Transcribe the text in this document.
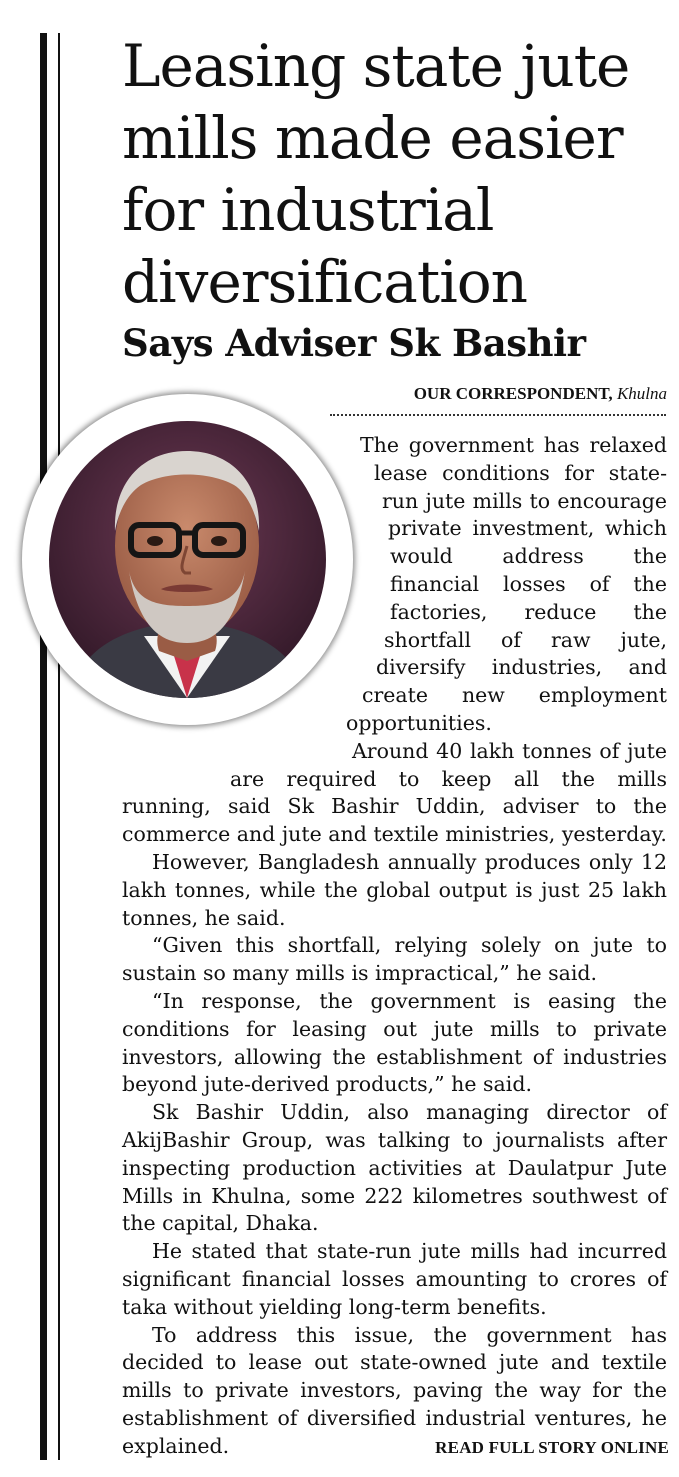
Leasing state jute mills made easier for industrial diversification
Says Adviser Sk Bashir
OUR CORRESPONDENT, Khulna

The government has relaxed lease conditions for state-run jute mills to encourage private investment, which would address the financial losses of the factories, reduce the shortfall of raw jute, diversify industries, and create new employment opportunities.

Around 40 lakh tonnes of jute are required to keep all the mills running, said Sk Bashir Uddin, adviser to the commerce and jute and textile ministries, yesterday.

However, Bangladesh annually produces only 12 lakh tonnes, while the global output is just 25 lakh tonnes, he said.

“Given this shortfall, relying solely on jute to sustain so many mills is impractical,” he said.

“In response, the government is easing the conditions for leasing out jute mills to private investors, allowing the establishment of industries beyond jute-derived products,” he said.

Sk Bashir Uddin, also managing director of AkijBashir Group, was talking to journalists after inspecting production activities at Daulatpur Jute Mills in Khulna, some 222 kilometres southwest of the capital, Dhaka.

He stated that state-run jute mills had incurred significant financial losses amounting to crores of taka without yielding long-term benefits.

To address this issue, the government has decided to lease out state-owned jute and textile mills to private investors, paving the way for the establishment of diversified industrial ventures, he explained.	READ FULL STORY ONLINE
